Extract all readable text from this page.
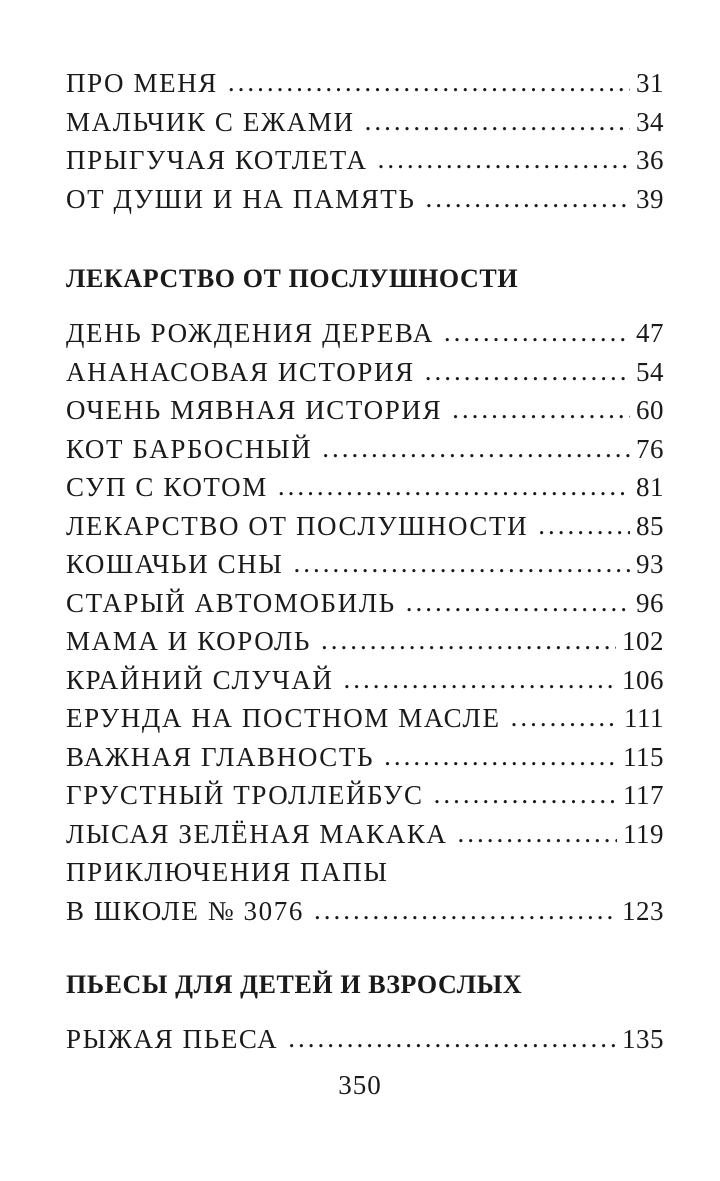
ПРО МЕНЯ .....	31
МАЛЬЧИК С ЕЖАМИ .....	34
ПРЫГУЧАЯ КОТЛЕТА .....	36
ОТ ДУШИ И НА ПАМЯТЬ .....	39
ЛЕКАРСТВО ОТ ПОСЛУШНОСТИ
ДЕНЬ РОЖДЕНИЯ ДЕРЕВА .....	47
АНАНАСОВАЯ ИСТОРИЯ .....	54
ОЧЕНЬ МЯВНАЯ ИСТОРИЯ .....	60
КОТ БАРБОСНЫЙ .....	76
СУП С КОТОМ .....	81
ЛЕКАРСТВО ОТ ПОСЛУШНОСТИ .....	85
КОШАЧЬИ СНЫ .....	93
СТАРЫЙ АВТОМОБИЛЬ .....	96
МАМА И КОРОЛЬ .....	102
КРАЙНИЙ СЛУЧАЙ .....	106
ЕРУНДА НА ПОСТНОМ МАСЛЕ .....	111
ВАЖНАЯ ГЛАВНОСТЬ .....	115
ГРУСТНЫЙ ТРОЛЛЕЙБУС .....	117
ЛЫСАЯ ЗЕЛЁНАЯ МАКАКА .....	119
ПРИКЛЮЧЕНИЯ ПАПЫ
В ШКОЛЕ № 3076 .....	123
ПЬЕСЫ ДЛЯ ДЕТЕЙ И ВЗРОСЛЫХ
РЫЖАЯ ПЬЕСА .....	135
350
